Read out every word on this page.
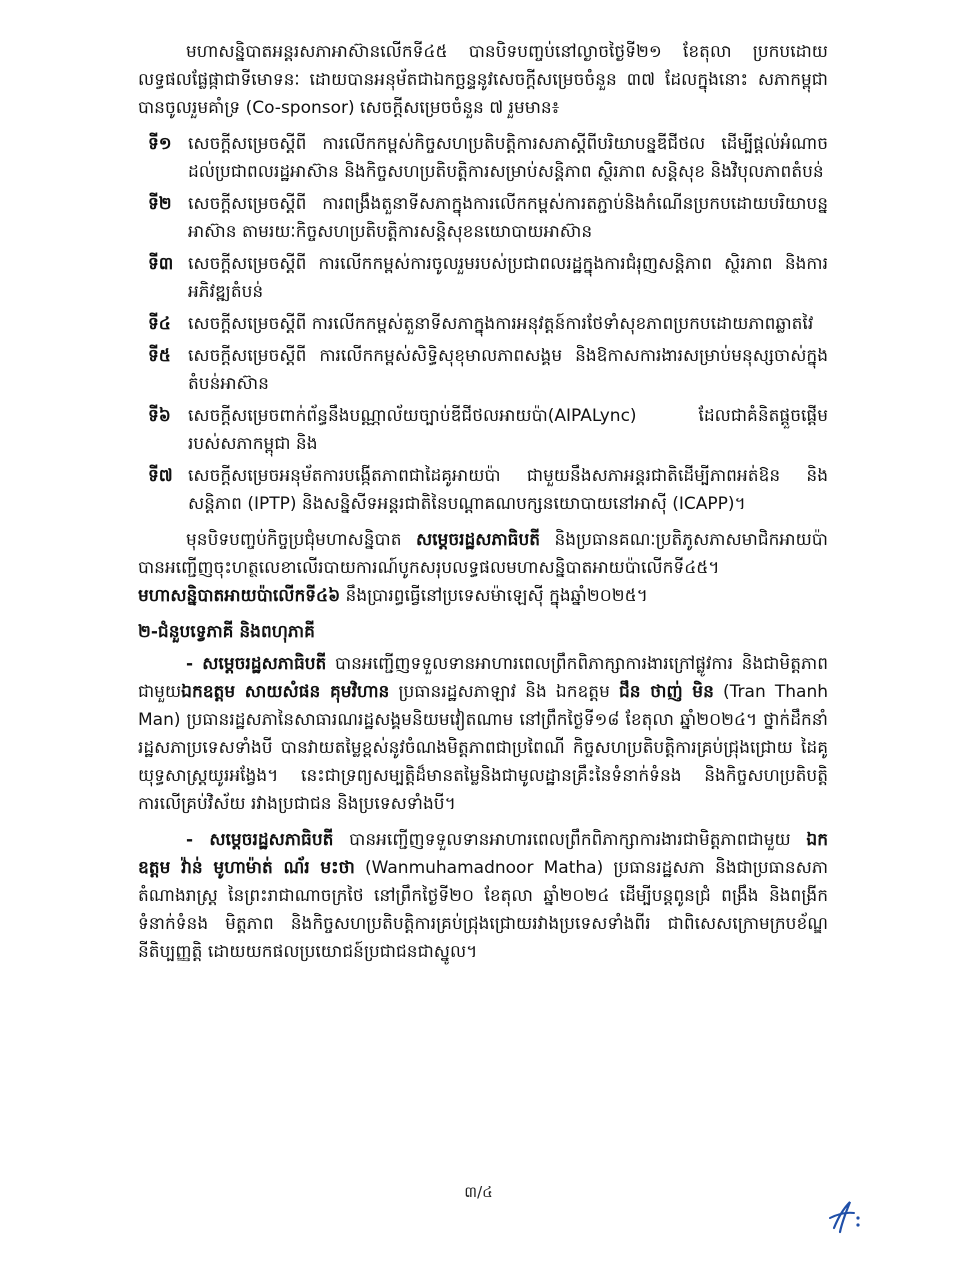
មហាសន្និបាតអន្តរសភាអាស៊ានលើកទី៤៥ បានបិទបញ្ចប់នៅល្ងាចថ្ងៃទី២១ ខែតុលា ប្រកបដោយលទ្ធផលផ្លែផ្កាជាទីមោទនៈ ដោយបានអនុម័តជាឯកច្ឆន្ទនូវសេចក្ដីសម្រេចចំនួន ៣៧ ដែលក្នុងនោះ សភាកម្ពុជាបានចូលរួមគាំទ្រ (Co-sponsor) សេចក្ដីសម្រេចចំនួន ៧ រួមមាន៖

ទី១ សេចក្ដីសម្រេចស្ដីពី ការលើកកម្ពស់កិច្ចសហប្រតិបត្តិការសភាស្ដីពីបរិយាបន្នឌីជីថល ដើម្បីផ្ដល់អំណាចដល់ប្រជាពលរដ្ឋអាស៊ាន និងកិច្ចសហប្រតិបត្តិការសម្រាប់សន្តិភាព ស្ថិរភាព សន្តិសុខ និងវិបុលភាពតំបន់
ទី២ សេចក្ដីសម្រេចស្ដីពី ការពង្រឹងតួនាទីសភាក្នុងការលើកកម្ពស់ការតភ្ជាប់និងកំណើនប្រកបដោយបរិយាបន្នអាស៊ាន តាមរយៈកិច្ចសហប្រតិបត្តិការសន្តិសុខនយោបាយអាស៊ាន
ទី៣ សេចក្ដីសម្រេចស្ដីពី ការលើកកម្ពស់ការចូលរួមរបស់ប្រជាពលរដ្ឋក្នុងការជំរុញសន្តិភាព ស្ថិរភាព និងការអភិវឌ្ឍតំបន់
ទី៤	សេចក្ដីសម្រេចស្ដីពី ការលើកកម្ពស់តួនាទីសភាក្នុងការអនុវត្តន៍ការថែទាំសុខភាពប្រកបដោយភាពឆ្លាតវៃ
ទី៥	សេចក្ដីសម្រេចស្ដីពី ការលើកកម្ពស់សិទ្ធិសុខុមាលភាពសង្គម និងឱកាសការងារសម្រាប់មនុស្សចាស់ក្នុងតំបន់អាស៊ាន
ទី៦	សេចក្ដីសម្រេចពាក់ព័ន្ធនឹងបណ្ណាល័យច្បាប់ឌីជីថលអាយប៉ា(AIPALync) ដែលជាគំនិតផ្ដួចផ្ដើមរបស់សភាកម្ពុជា និង
ទី៧ សេចក្ដីសម្រេចអនុម័តការបង្កើតភាពជាដៃគូអាយប៉ា ជាមួយនឹងសភាអន្តរជាតិដើម្បីភាពអត់ឱន និងសន្តិភាព (IPTP) និងសន្និសីទអន្តរជាតិនៃបណ្ដាគណបក្សនយោបាយនៅអាស៊ី (ICAPP)។

មុនបិទបញ្ចប់កិច្ចប្រជុំមហាសន្និបាត សម្ដេចរដ្ឋសភាធិបតី និងប្រធានគណៈប្រតិភូសភាសមាជិកអាយប៉ា បានអញ្ជើញចុះហត្ថលេខាលើរបាយការណ៍បូកសរុបលទ្ធផលមហាសន្និបាតអាយប៉ាលើកទី៤៥។ មហាសន្និបាតអាយប៉ាលើកទី៤៦ នឹងប្រារព្ធធ្វើនៅប្រទេសម៉ាឡេស៊ី ក្នុងឆ្នាំ២០២៥។

២-ជំនួបទ្វេភាគី និងពហុភាគី

- សម្ដេចរដ្ឋសភាធិបតី បានអញ្ជើញទទួលទានអាហារពេលព្រឹកពិភាក្សាការងារក្រៅផ្លូវការ និងជាមិត្តភាព ជាមួយឯកឧត្តម សាយសំផន គុមវិហាន ប្រធានរដ្ឋសភាឡាវ និង ឯកឧត្តម ជឹន ថាញ់ មិន (Tran Thanh Man) ប្រធានរដ្ឋសភានៃសាធារណរដ្ឋសង្គមនិយមវៀតណាម នៅព្រឹកថ្ងៃទី១៨ ខែតុលា ឆ្នាំ២០២៤។ ថ្នាក់ដឹកនាំរដ្ឋសភាប្រទេសទាំងបី បានវាយតម្លៃខ្ពស់នូវចំណងមិត្តភាពជាប្រពៃណី កិច្ចសហប្រតិបត្តិការគ្រប់ជ្រុងជ្រោយ ដៃគូយុទ្ធសាស្ត្រយូរអង្វែង។ នេះជាទ្រព្យសម្បត្តិដ៏មានតម្លៃនិងជាមូលដ្ឋានគ្រឹះនៃទំនាក់ទំនង និងកិច្ចសហប្រតិបត្តិការលើគ្រប់វិស័យ រវាងប្រជាជន និងប្រទេសទាំងបី។

- សម្ដេចរដ្ឋសភាធិបតី បានអញ្ជើញទទួលទានអាហារពេលព្រឹកពិភាក្សាការងារជាមិត្តភាពជាមួយ ឯកឧត្តម វ៉ាន់ មូហាម៉ាត់ ណ័រ មះថា (Wanmuhamadnoor Matha) ប្រធានរដ្ឋសភា និងជាប្រធានសភាតំណាងរាស្ត្រ នៃព្រះរាជាណាចក្រថៃ នៅព្រឹកថ្ងៃទី២០ ខែតុលា ឆ្នាំ២០២៤ ដើម្បីបន្តពូនជ្រំ ពង្រឹង និងពង្រីកទំនាក់ទំនង មិត្តភាព និងកិច្ចសហប្រតិបត្តិការគ្រប់ជ្រុងជ្រោយរវាងប្រទេសទាំងពីរ ជាពិសេសក្រោមក្របខ័ណ្ឌនីតិប្បញ្ញត្តិ ដោយយកផលប្រយោជន៍ប្រជាជនជាស្នូល។

៣/៤
